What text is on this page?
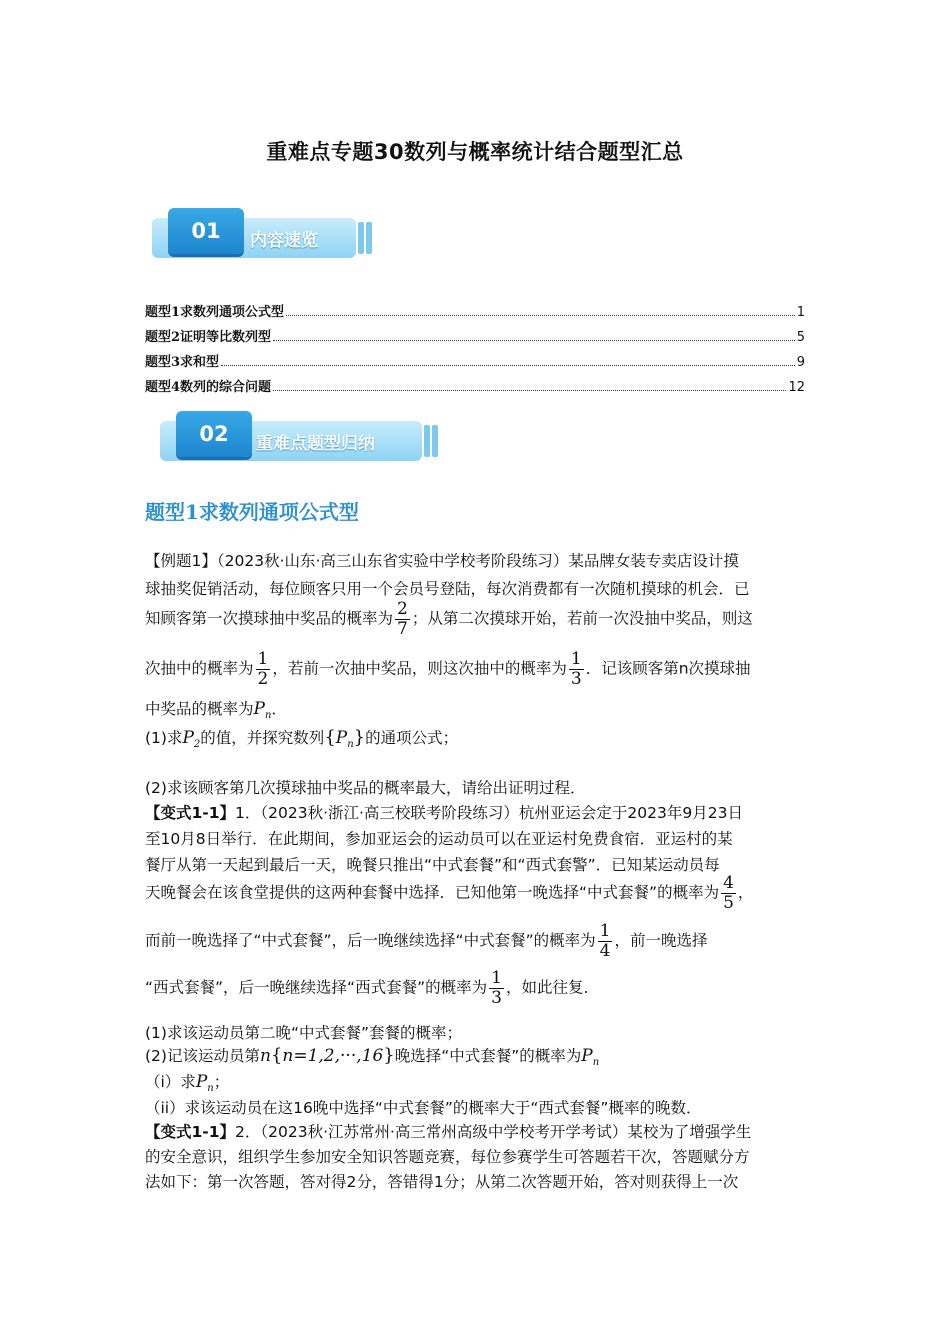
重难点专题30数列与概率统计结合题型汇总
01	内容速览
题型1求数列通项公式型	1
题型2证明等比数列型	5
题型3求和型	9
题型4数列的综合问题	12
02	重难点题型归纳
题型1求数列通项公式型
【例题1】（2023秋·山东·高三山东省实验中学校考阶段练习）某品牌女装专卖店设计摸
球抽奖促销活动，每位顾客只用一个会员号登陆，每次消费都有一次随机摸球的机会．已
知顾客第一次摸球抽中奖品的概率为 $\frac{2}{7}$ ；从第二次摸球开始，若前一次没抽中奖品，则这
次抽中的概率为 $\frac{1}{2}$ ，若前一次抽中奖品，则这次抽中的概率为 $\frac{1}{3}$ ．记该顾客第n次摸球抽
中奖品的概率为$P_n$．
(1)求$P_2$的值，并探究数列$\{P_n\}$的通项公式；
(2)求该顾客第几次摸球抽中奖品的概率最大，请给出证明过程．
【变式1-1】1．（2023秋·浙江·高三校联考阶段练习）杭州亚运会定于2023年9月23日
至10月8日举行．在此期间，参加亚运会的运动员可以在亚运村免费食宿．亚运村的某
餐厅从第一天起到最后一天，晚餐只推出“中式套餐”和“西式套警”．已知某运动员每
天晚餐会在该食堂提供的这两种套餐中选择．已知他第一晚选择“中式套餐”的概率为 $\frac{4}{5}$ ，
而前一晚选择了“中式套餐”，后一晚继续选择“中式套餐”的概率为 $\frac{1}{4}$ ，前一晚选择
“西式套餐”，后一晚继续选择“西式套餐”的概率为 $\frac{1}{3}$ ，如此往复．
(1)求该运动员第二晚“中式套餐”套餐的概率；
(2)记该运动员第n{n=1,2,···,16}晚选择“中式套餐”的概率为$P_n$
（i）求$P_n$；
（ii）求该运动员在这16晚中选择“中式套餐”的概率大于“西式套餐”概率的晚数．
【变式1-1】2．（2023秋·江苏常州·高三常州高级中学校考开学考试）某校为了增强学生
的安全意识，组织学生参加安全知识答题竞赛，每位参赛学生可答题若干次，答题赋分方
法如下：第一次答题，答对得2分，答错得1分；从第二次答题开始，答对则获得上一次
